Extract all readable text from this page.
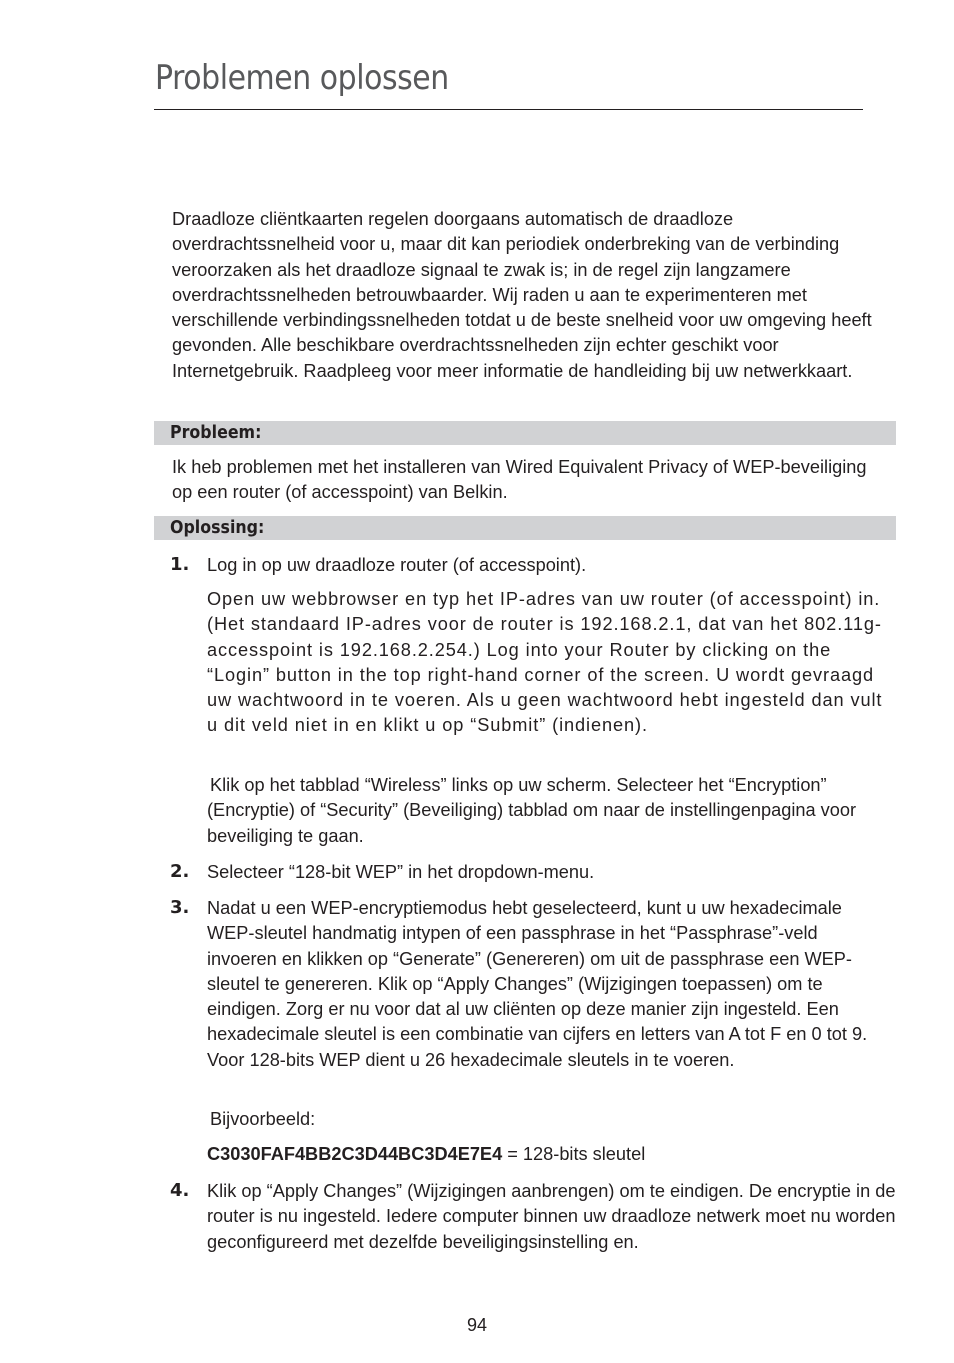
Problemen oplossen

Draadloze cliëntkaarten regelen doorgaans automatisch de draadloze overdrachtssnelheid voor u, maar dit kan periodiek onderbreking van de verbinding veroorzaken als het draadloze signaal te zwak is; in de regel zijn langzamere overdrachtssnelheden betrouwbaarder. Wij raden u aan te experimenteren met verschillende verbindingssnelheden totdat u de beste snelheid voor uw omgeving heeft gevonden. Alle beschikbare overdrachtssnelheden zijn echter geschikt voor Internetgebruik. Raadpleeg voor meer informatie de handleiding bij uw netwerkkaart.

Probleem:

Ik heb problemen met het installeren van Wired Equivalent Privacy of WEP-beveiliging op een router (of accesspoint) van Belkin.

Oplossing:
1. Log in op uw draadloze router (of accesspoint).

Open uw webbrowser en typ het IP-adres van uw router (of accesspoint) in. (Het standaard IP-adres voor de router is 192.168.2.1, dat van het 802.11g-accesspoint is 192.168.2.254.) Log into your Router by clicking on the “Login” button in the top right-hand corner of the screen. U wordt gevraagd uw wachtwoord in te voeren. Als u geen wachtwoord hebt ingesteld dan vult u dit veld niet in en klikt u op “Submit” (indienen).

Klik op het tabblad “Wireless” links op uw scherm. Selecteer het “Encryption” (Encryptie) of “Security” (Beveiliging) tabblad om naar de instellingenpagina voor beveiliging te gaan.

2. Selecteer “128-bit WEP” in het dropdown-menu.

3. Nadat u een WEP-encryptiemodus hebt geselecteerd, kunt u uw hexadecimale WEP-sleutel handmatig intypen of een passphrase in het “Passphrase”-veld invoeren en klikken op “Generate” (Genereren) om uit de passphrase een WEP-sleutel te genereren. Klik op “Apply Changes” (Wijzigingen toepassen) om te eindigen. Zorg er nu voor dat al uw cliënten op deze manier zijn ingesteld. Een hexadecimale sleutel is een combinatie van cijfers en letters van A tot F en 0 tot 9. Voor 128-bits WEP dient u 26 hexadecimale sleutels in te voeren.

Bijvoorbeeld:

C3030FAF4BB2C3D44BC3D4E7E4 = 128-bits sleutel

4. Klik op “Apply Changes” (Wijzigingen aanbrengen) om te eindigen. De encryptie in de router is nu ingesteld. Iedere computer binnen uw draadloze netwerk moet nu worden geconfigureerd met dezelfde beveiligingsinstelling en.

94
